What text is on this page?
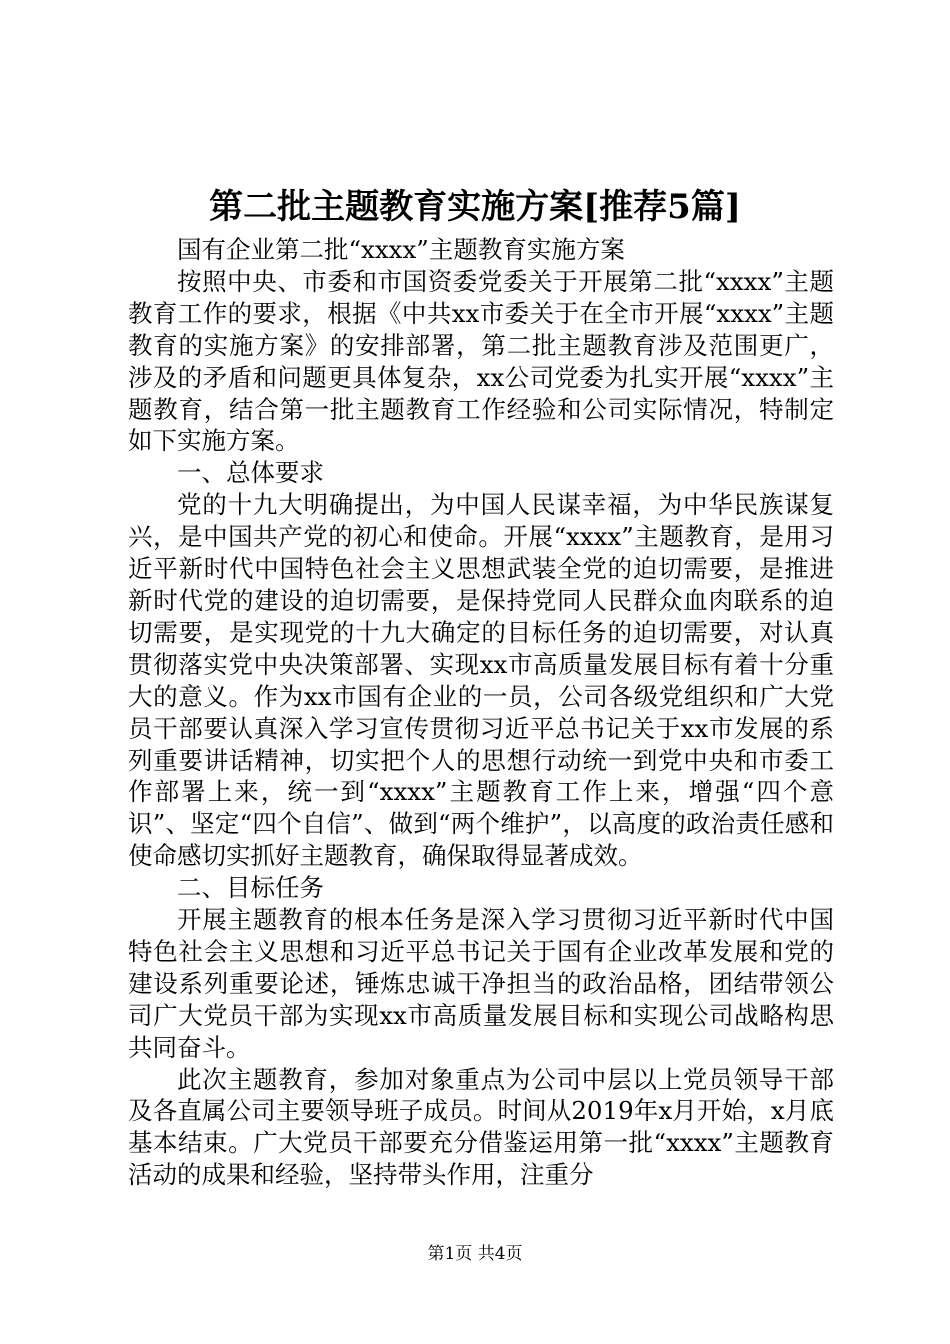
第二批主题教育实施方案[推荐5篇]

国有企业第二批“xxxx”主题教育实施方案

按照中央、市委和市国资委党委关于开展第二批“xxxx”主题教育工作的要求，根据《中共xx市委关于在全市开展“xxxx”主题教育的实施方案》的安排部署，第二批主题教育涉及范围更广，涉及的矛盾和问题更具体复杂，xx公司党委为扎实开展“xxxx”主题教育，结合第一批主题教育工作经验和公司实际情况，特制定如下实施方案。

一、总体要求

党的十九大明确提出，为中国人民谋幸福，为中华民族谋复兴，是中国共产党的初心和使命。开展“xxxx”主题教育，是用习近平新时代中国特色社会主义思想武装全党的迫切需要，是推进新时代党的建设的迫切需要，是保持党同人民群众血肉联系的迫切需要，是实现党的十九大确定的目标任务的迫切需要，对认真贯彻落实党中央决策部署、实现xx市高质量发展目标有着十分重大的意义。作为xx市国有企业的一员，公司各级党组织和广大党员干部要认真深入学习宣传贯彻习近平总书记关于xx市发展的系列重要讲话精神，切实把个人的思想行动统一到党中央和市委工作部署上来，统一到“xxxx”主题教育工作上来，增强“四个意识”、坚定“四个自信”、做到“两个维护”，以高度的政治责任感和使命感切实抓好主题教育，确保取得显著成效。

二、目标任务

开展主题教育的根本任务是深入学习贯彻习近平新时代中国特色社会主义思想和习近平总书记关于国有企业改革发展和党的建设系列重要论述，锤炼忠诚干净担当的政治品格，团结带领公司广大党员干部为实现xx市高质量发展目标和实现公司战略构思共同奋斗。

此次主题教育，参加对象重点为公司中层以上党员领导干部及各直属公司主要领导班子成员。时间从2019年x月开始，x月底基本结束。广大党员干部要充分借鉴运用第一批“xxxx”主题教育活动的成果和经验，坚持带头作用，注重分

第1页 共4页
